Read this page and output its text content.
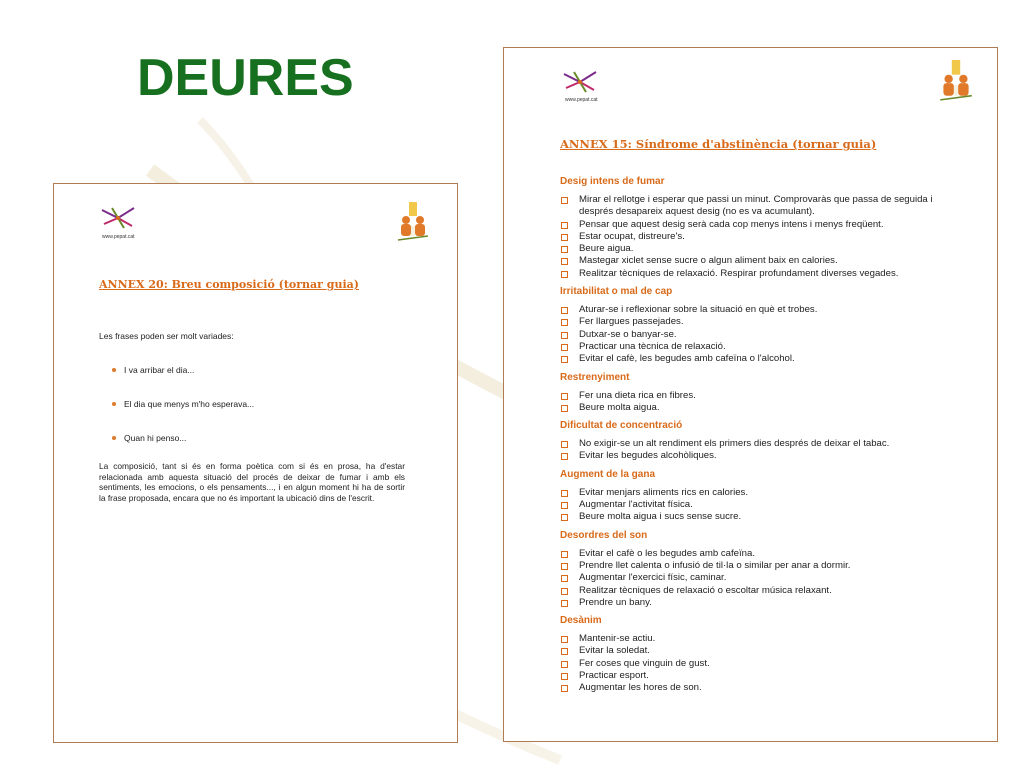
DEURES
www.pepat.cat
ANNEX 20: Breu composició (tornar guia)

Les frases poden ser molt variades:

I va arribar el dia...
El dia que menys m'ho esperava...
Quan hi penso...

La composició, tant si és en forma poètica com si és en prosa, ha d'estar relacionada amb aquesta situació del procés de deixar de fumar i amb els sentiments, les emocions, o els pensaments..., i en algun moment hi ha de sortir la frase proposada, encara que no és important la ubicació dins de l'escrit.

www.pepat.cat
ANNEX 15: Síndrome d'abstinència (tornar guia)
Desig intens de fumar
Mirar el rellotge i esperar que passi un minut. Comprovaràs que passa de seguida i després desapareix aquest desig (no es va acumulant).
Pensar que aquest desig serà cada cop menys intens i menys freqüent.
Estar ocupat, distreure's.
Beure aigua.
Mastegar xiclet sense sucre o algun aliment baix en calories.
Realitzar tècniques de relaxació. Respirar profundament diverses vegades.
Irritabilitat o mal de cap
Aturar-se i reflexionar sobre la situació en què et trobes.
Fer llargues passejades.
Dutxar-se o banyar-se.
Practicar una tècnica de relaxació.
Evitar el cafè, les begudes amb cafeïna o l'alcohol.
Restrenyiment
Fer una dieta rica en fibres.
Beure molta aigua.
Dificultat de concentració
No exigir-se un alt rendiment els primers dies després de deixar el tabac.
Evitar les begudes alcohòliques.
Augment de la gana
Evitar menjars aliments rics en calories.
Augmentar l'activitat física.
Beure molta aigua i sucs sense sucre.
Desordres del son
Evitar el cafè o les begudes amb cafeïna.
Prendre llet calenta o infusió de til·la o similar per anar a dormir.
Augmentar l'exercici físic, caminar.
Realitzar tècniques de relaxació o escoltar música relaxant.
Prendre un bany.
Desànim
Mantenir-se actiu.
Evitar la soledat.
Fer coses que vinguin de gust.
Practicar esport.
Augmentar les hores de son.
